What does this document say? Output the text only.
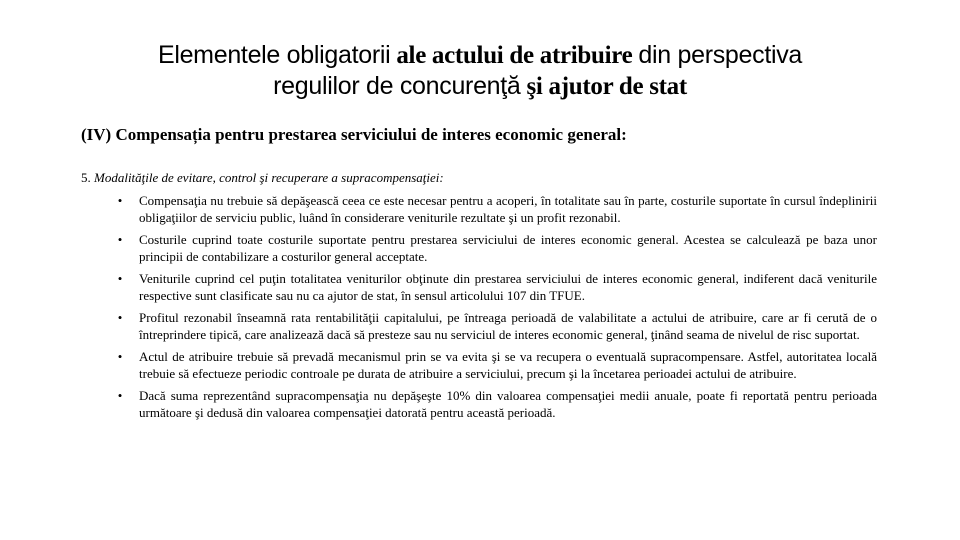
Elementele obligatorii ale actului de atribuire din perspectiva
regulilor de concurenţă şi ajutor de stat
(IV) Compensația pentru prestarea serviciului de interes economic general:
5. Modalităţile de evitare, control şi recuperare a supracompensaţiei:
• Compensaţia nu trebuie să depăşească ceea ce este necesar pentru a acoperi, în totalitate sau în parte, costurile suportate în cursul îndeplinirii obligaţiilor de serviciu public, luând în considerare veniturile rezultate şi un profit rezonabil.
• Costurile cuprind toate costurile suportate pentru prestarea serviciului de interes economic general. Acestea se calculează pe baza unor principii de contabilizare a costurilor general acceptate.
• Veniturile cuprind cel puţin totalitatea veniturilor obţinute din prestarea serviciului de interes economic general, indiferent dacă veniturile respective sunt clasificate sau nu ca ajutor de stat, în sensul articolului 107 din TFUE.
• Profitul rezonabil înseamnă rata rentabilităţii capitalului, pe întreaga perioadă de valabilitate a actului de atribuire, care ar fi cerută de o întreprindere tipică, care analizează dacă să presteze sau nu serviciul de interes economic general, ţinând seama de nivelul de risc suportat.
• Actul de atribuire trebuie să prevadă mecanismul prin se va evita şi se va recupera o eventuală supracompensare. Astfel, autoritatea locală trebuie să efectueze periodic controale pe durata de atribuire a serviciului, precum şi la încetarea perioadei actului de atribuire.
• Dacă suma reprezentând supracompensaţia nu depăşeşte 10% din valoarea compensaţiei medii anuale, poate fi reportată pentru perioada următoare şi dedusă din valoarea compensaţiei datorată pentru această perioadă.
